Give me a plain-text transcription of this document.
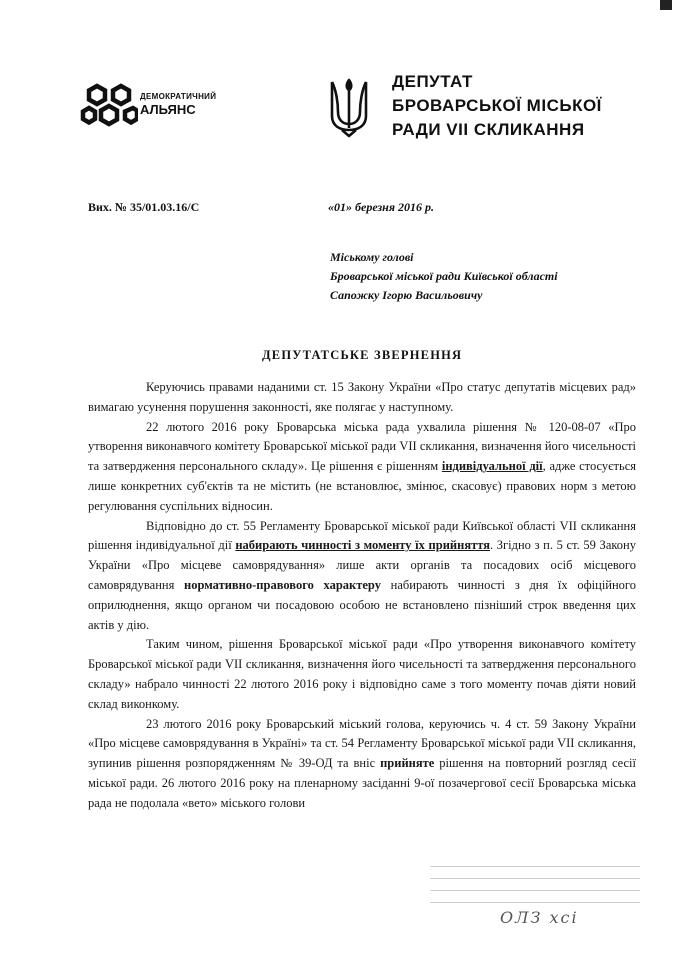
ДЕМОКРАТИЧНИЙ
АЛЬЯНС
ДЕПУТАТ
БРОВАРСЬКОЇ МІСЬКОЇ
РАДИ VII СКЛИКАННЯ
Вих. № 35/01.03.16/С	«01» березня 2016 р.
Міському голові
Броварської міської ради Київської області
Сапожку Ігорю Васильовичу
ДЕПУТАТСЬКЕ ЗВЕРНЕННЯ

Керуючись правами наданими ст. 15 Закону України «Про статус депутатів місцевих рад» вимагаю усунення порушення законності, яке полягає у наступному.

22 лютого 2016 року Броварська міська рада ухвалила рішення № 120-08-07 «Про утворення виконавчого комітету Броварської міської ради VII скликання, визначення його чисельності та затвердження персонального складу». Це рішення є рішенням індивідуальної дії, адже стосується лише конкретних суб'єктів та не містить (не встановлює, змінює, скасовує) правових норм з метою регулювання суспільних відносин.

Відповідно до ст. 55 Регламенту Броварської міської ради Київської області VII скликання рішення індивідуальної дії набирають чинності з моменту їх прийняття. Згідно з п. 5 ст. 59 Закону України «Про місцеве самоврядування» лише акти органів та посадових осіб місцевого самоврядування нормативно-правового характеру набирають чинності з дня їх офіційного оприлюднення, якщо органом чи посадовою особою не встановлено пізніший строк введення цих актів у дію.

Таким чином, рішення Броварської міської ради «Про утворення виконавчого комітету Броварської міської ради VII скликання, визначення його чисельності та затвердження персонального складу» набрало чинності 22 лютого 2016 року і відповідно саме з того моменту почав діяти новий склад виконкому.

23 лютого 2016 року Броварський міський голова, керуючись ч. 4 ст. 59 Закону України «Про місцеве самоврядування в Україні» та ст. 54 Регламенту Броварської міської ради VII скликання, зупинив рішення розпорядженням № 39-ОД та вніс прийняте рішення на повторний розгляд сесії міської ради. 26 лютого 2016 року на пленарному засіданні 9-ої позачергової сесії Броварська міська рада не подолала «вето» міського голови

ОЛЗ хсі
